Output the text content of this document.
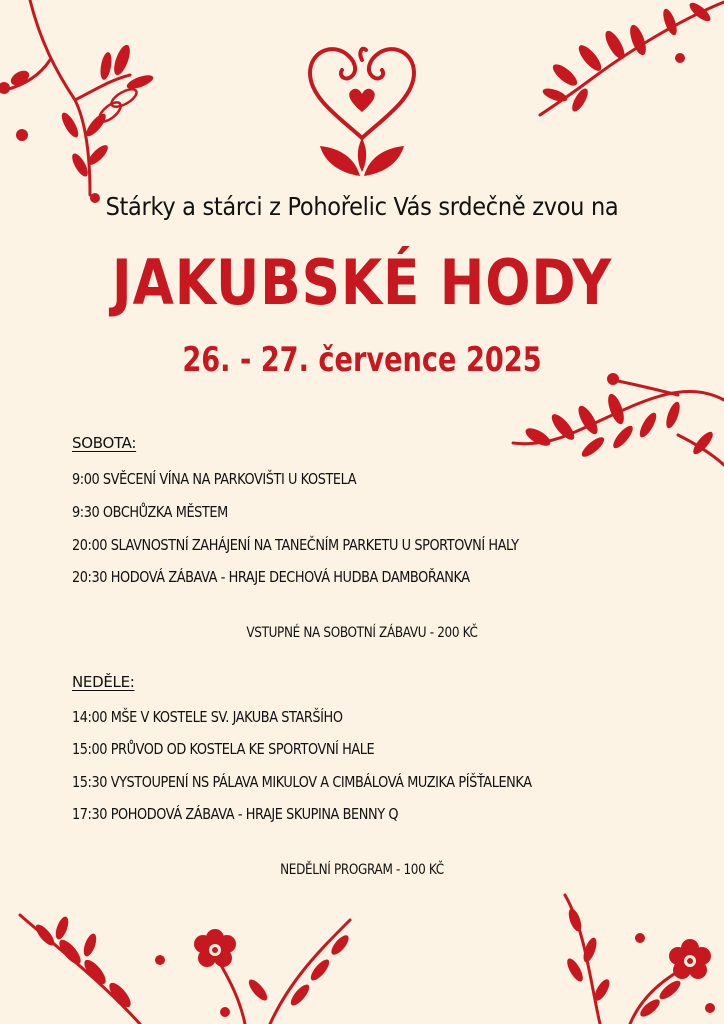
Stárky a stárci z Pohořelic Vás srdečně zvou na
JAKUBSKÉ HODY
26. - 27. července 2025
SOBOTA:
9:00 SVĚCENÍ VÍNA NA PARKOVIŠTI U KOSTELA
9:30 OBCHŮZKA MĚSTEM
20:00 SLAVNOSTNÍ ZAHÁJENÍ NA TANEČNÍM PARKETU U SPORTOVNÍ HALY
20:30 HODOVÁ ZÁBAVA - HRAJE DECHOVÁ HUDBA DAMBOŘANKA
VSTUPNÉ NA SOBOTNÍ ZÁBAVU - 200 KČ
NEDĚLE:
14:00 MŠE V KOSTELE SV. JAKUBA STARŠÍHO
15:00 PRŮVOD OD KOSTELA KE SPORTOVNÍ HALE
15:30 VYSTOUPENÍ NS PÁLAVA MIKULOV A CIMBÁLOVÁ MUZIKA PÍŠŤALENKA
17:30 POHODOVÁ ZÁBAVA - HRAJE SKUPINA BENNY Q
NEDĚLNÍ PROGRAM - 100 KČ
